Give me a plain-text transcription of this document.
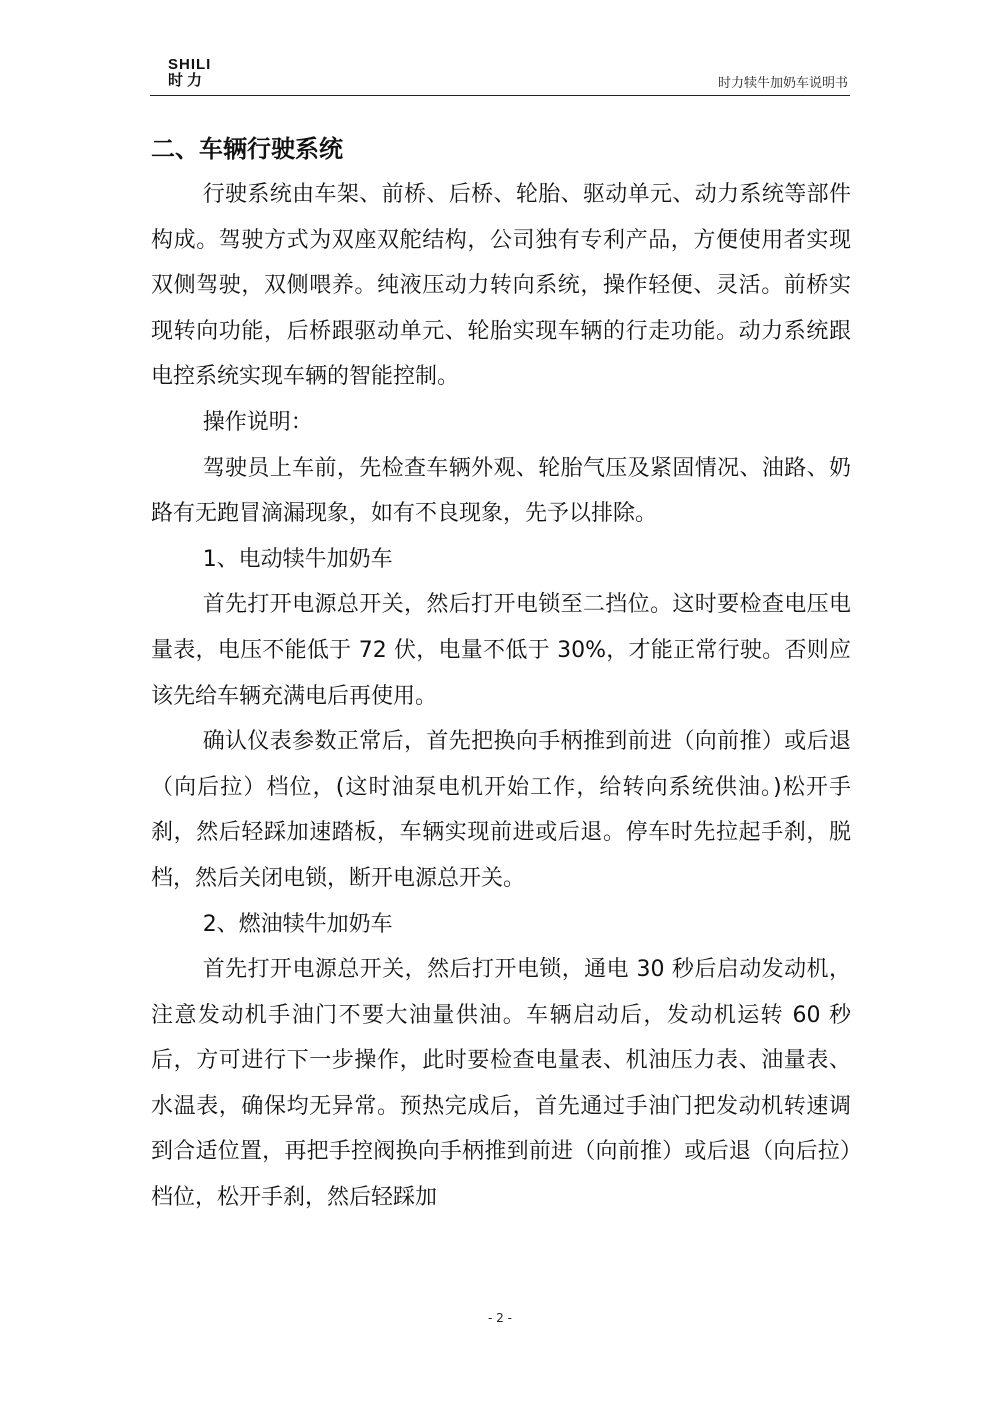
SHILI
时力	时力犊牛加奶车说明书
二、车辆行驶系统

行驶系统由车架、前桥、后桥、轮胎、驱动单元、动力系统等部件构成。驾驶方式为双座双舵结构，公司独有专利产品，方便使用者实现双侧驾驶，双侧喂养。纯液压动力转向系统，操作轻便、灵活。前桥实现转向功能，后桥跟驱动单元、轮胎实现车辆的行走功能。动力系统跟电控系统实现车辆的智能控制。

操作说明：

驾驶员上车前，先检查车辆外观、轮胎气压及紧固情况、油路、奶路有无跑冒滴漏现象，如有不良现象，先予以排除。

1、电动犊牛加奶车

首先打开电源总开关，然后打开电锁至二挡位。这时要检查电压电量表，电压不能低于 72 伏，电量不低于 30%，才能正常行驶。否则应该先给车辆充满电后再使用。

确认仪表参数正常后，首先把换向手柄推到前进（向前推）或后退（向后拉）档位，(这时油泵电机开始工作，给转向系统供油。)松开手刹，然后轻踩加速踏板，车辆实现前进或后退。停车时先拉起手刹，脱档，然后关闭电锁，断开电源总开关。

2、燃油犊牛加奶车

首先打开电源总开关，然后打开电锁，通电 30 秒后启动发动机，注意发动机手油门不要大油量供油。车辆启动后，发动机运转 60 秒后，方可进行下一步操作，此时要检查电量表、机油压力表、油量表、水温表，确保均无异常。预热完成后，首先通过手油门把发动机转速调到合适位置，再把手控阀换向手柄推到前进（向前推）或后退（向后拉）档位，松开手刹，然后轻踩加

- 2 -
